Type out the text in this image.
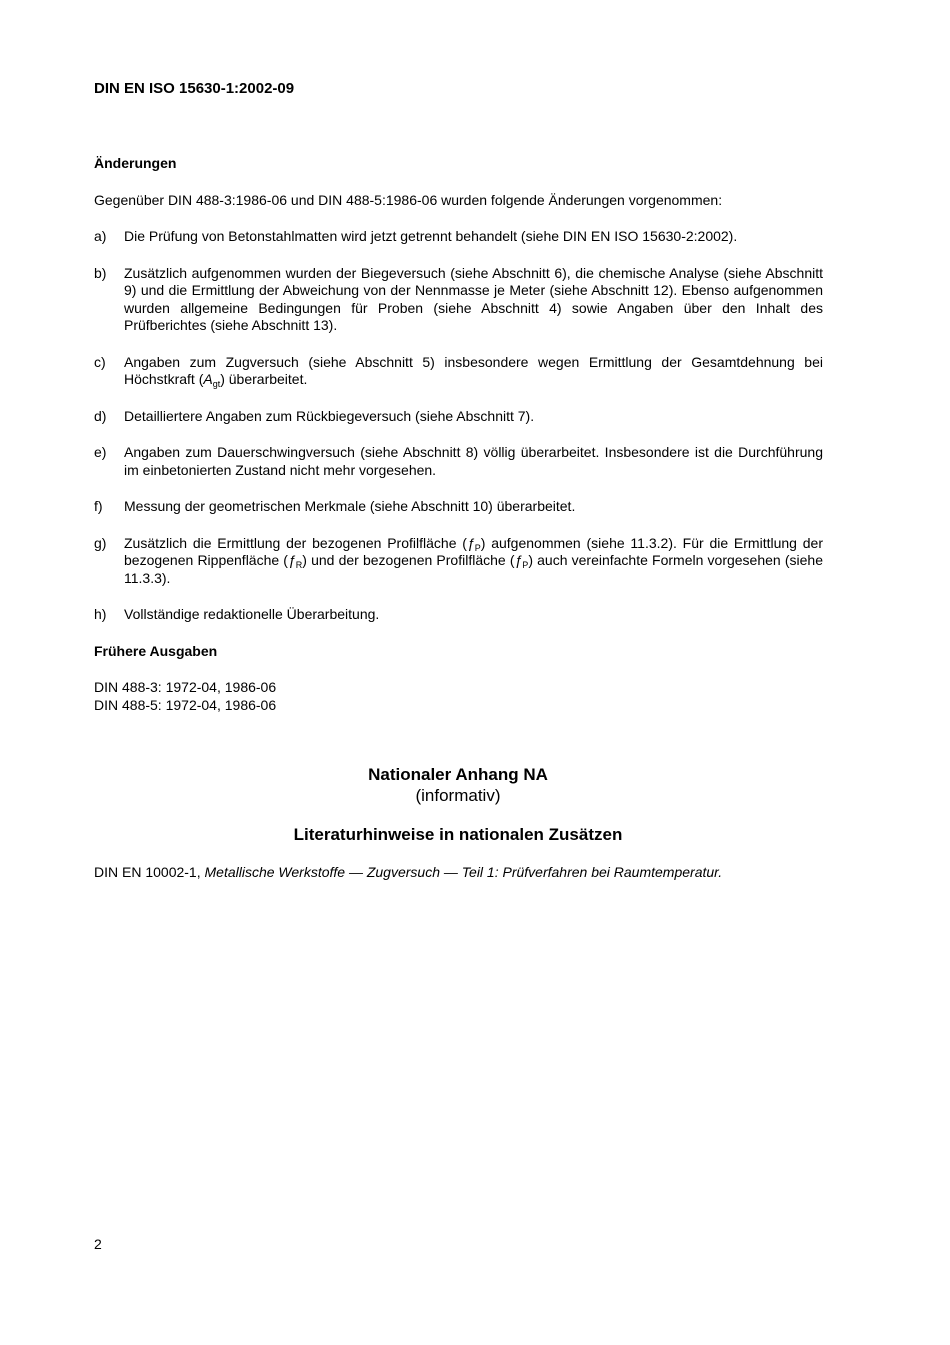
DIN EN ISO 15630-1:2002-09
Änderungen
Gegenüber DIN 488-3:1986-06 und DIN 488-5:1986-06 wurden folgende Änderungen vorgenommen:
a)	Die Prüfung von Betonstahlmatten wird jetzt getrennt behandelt (siehe DIN EN ISO 15630-2:2002).
b)	Zusätzlich aufgenommen wurden der Biegeversuch (siehe Abschnitt 6), die chemische Analyse (siehe Abschnitt 9) und die Ermittlung der Abweichung von der Nennmasse je Meter (siehe Abschnitt 12). Ebenso aufgenommen wurden allgemeine Bedingungen für Proben (siehe Abschnitt 4) sowie Angaben über den Inhalt des Prüfberichtes (siehe Abschnitt 13).
c)	Angaben zum Zugversuch (siehe Abschnitt 5) insbesondere wegen Ermittlung der Gesamtdehnung bei Höchstkraft $(A_{gt})$ überarbeitet.
d)	Detailliertere Angaben zum Rückbiegeversuch (siehe Abschnitt 7).
e)	Angaben zum Dauerschwingversuch (siehe Abschnitt 8) völlig überarbeitet. Insbesondere ist die Durchführung im einbetonierten Zustand nicht mehr vorgesehen.
f)	Messung der geometrischen Merkmale (siehe Abschnitt 10) überarbeitet.
g)	Zusätzlich die Ermittlung der bezogenen Profilfläche $(ƒ_P)$ aufgenommen (siehe 11.3.2). Für die Ermittlung der bezogenen Rippenfläche $(ƒ_R)$ und der bezogenen Profilfläche $(ƒ_P)$ auch vereinfachte Formeln vorgesehen (siehe 11.3.3).
h)	Vollständige redaktionelle Überarbeitung.
Frühere Ausgaben
DIN 488-3: 1972-04, 1986-06
DIN 488-5: 1972-04, 1986-06
Nationaler Anhang NA
(informativ)
Literaturhinweise in nationalen Zusätzen
DIN EN 10002-1, Metallische Werkstoffe — Zugversuch — Teil 1: Prüfverfahren bei Raumtemperatur.
2
